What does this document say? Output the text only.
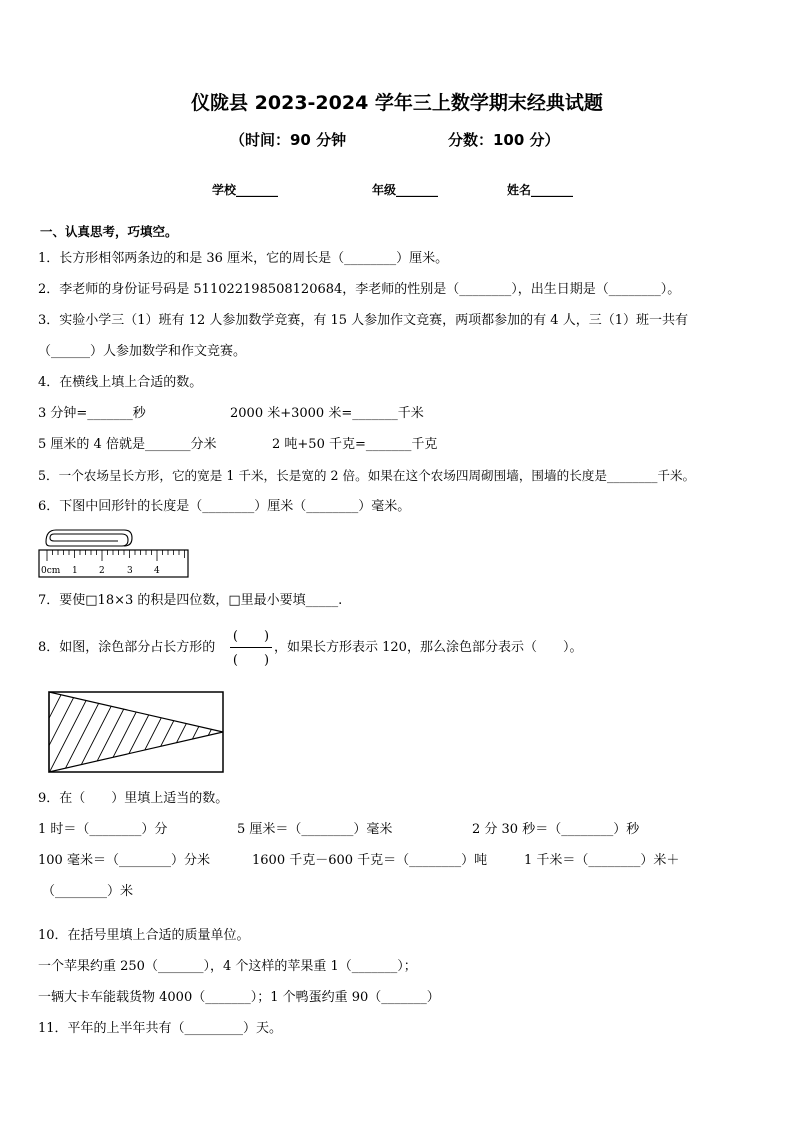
仪陇县 2023-2024 学年三上数学期末经典试题
（时间：90 分钟	分数：100 分）
学校_______	年级_______	姓名_______
一、认真思考，巧填空。
1．长方形相邻两条边的和是 36 厘米，它的周长是（________）厘米。
2．李老师的身份证号码是 511022198508120684，李老师的性别是（________），出生日期是（________）。
3．实验小学三（1）班有 12 人参加数学竞赛，有 15 人参加作文竞赛，两项都参加的有 4 人，三（1）班一共有
（______）人参加数学和作文竞赛。
4．在横线上填上合适的数。
3 分钟=_______秒	2000 米+3000 米=_______千米
5 厘米的 4 倍就是_______分米	2 吨+50 千克=_______千克
5．一个农场呈长方形，它的宽是 1 千米，长是宽的 2 倍。如果在这个农场四周砌围墙，围墙的长度是________千米。
6．下图中回形针的长度是（________）厘米（________）毫米。
0cm 1 2 3 4
7．要使□18×3 的积是四位数，□里最小要填_____.
8．如图，涂色部分占长方形的
(　　)
(　　)
，如果长方形表示 120，那么涂色部分表示（　　）。
9．在（　　）里填上适当的数。
1 时＝（________）分	5 厘米＝（________）毫米	2 分 30 秒＝（________）秒
100 毫米＝（________）分米	1600 千克－600 千克＝（________）吨	1 千米＝（________）米＋
（________）米
10．在括号里填上合适的质量单位。
一个苹果约重 250（_______），4 个这样的苹果重 1（_______）；
一辆大卡车能载货物 4000（_______）；1 个鸭蛋约重 90（_______）
11．平年的上半年共有（_________）天。
